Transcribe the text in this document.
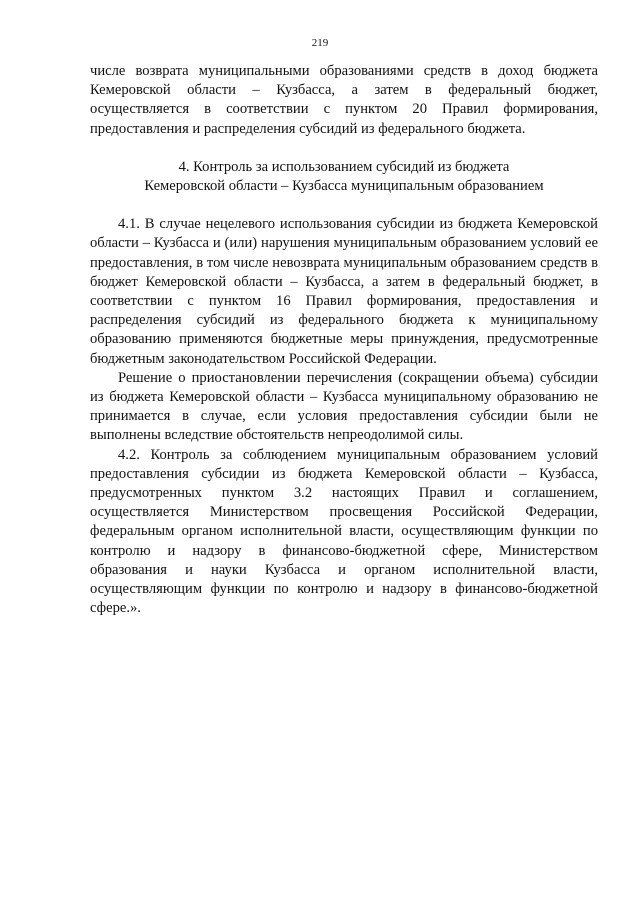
219

числе возврата муниципальными образованиями средств в доход бюджета Кемеровской области – Кузбасса, а затем в федеральный бюджет, осуществляется в соответствии с пунктом 20 Правил формирования, предоставления и распределения субсидий из федерального бюджета.

4. Контроль за использованием субсидий из бюджета
Кемеровской области – Кузбасса муниципальным образованием

4.1. В случае нецелевого использования субсидии из бюджета Кемеровской области – Кузбасса и (или) нарушения муниципальным образованием условий ее предоставления, в том числе невозврата муниципальным образованием средств в бюджет Кемеровской области – Кузбасса, а затем в федеральный бюджет, в соответствии с пунктом 16 Правил формирования, предоставления и распределения субсидий из федерального бюджета к муниципальному образованию применяются бюджетные меры принуждения, предусмотренные бюджетным законодательством Российской Федерации.

Решение о приостановлении перечисления (сокращении объема) субсидии из бюджета Кемеровской области – Кузбасса муниципальному образованию не принимается в случае, если условия предоставления субсидии были не выполнены вследствие обстоятельств непреодолимой силы.

4.2. Контроль за соблюдением муниципальным образованием условий предоставления субсидии из бюджета Кемеровской области – Кузбасса, предусмотренных пунктом 3.2 настоящих Правил и соглашением, осуществляется Министерством просвещения Российской Федерации, федеральным органом исполнительной власти, осуществляющим функции по контролю и надзору в финансово-бюджетной сфере, Министерством образования и науки Кузбасса и органом исполнительной власти, осуществляющим функции по контролю и надзору в финансово-бюджетной сфере.».
